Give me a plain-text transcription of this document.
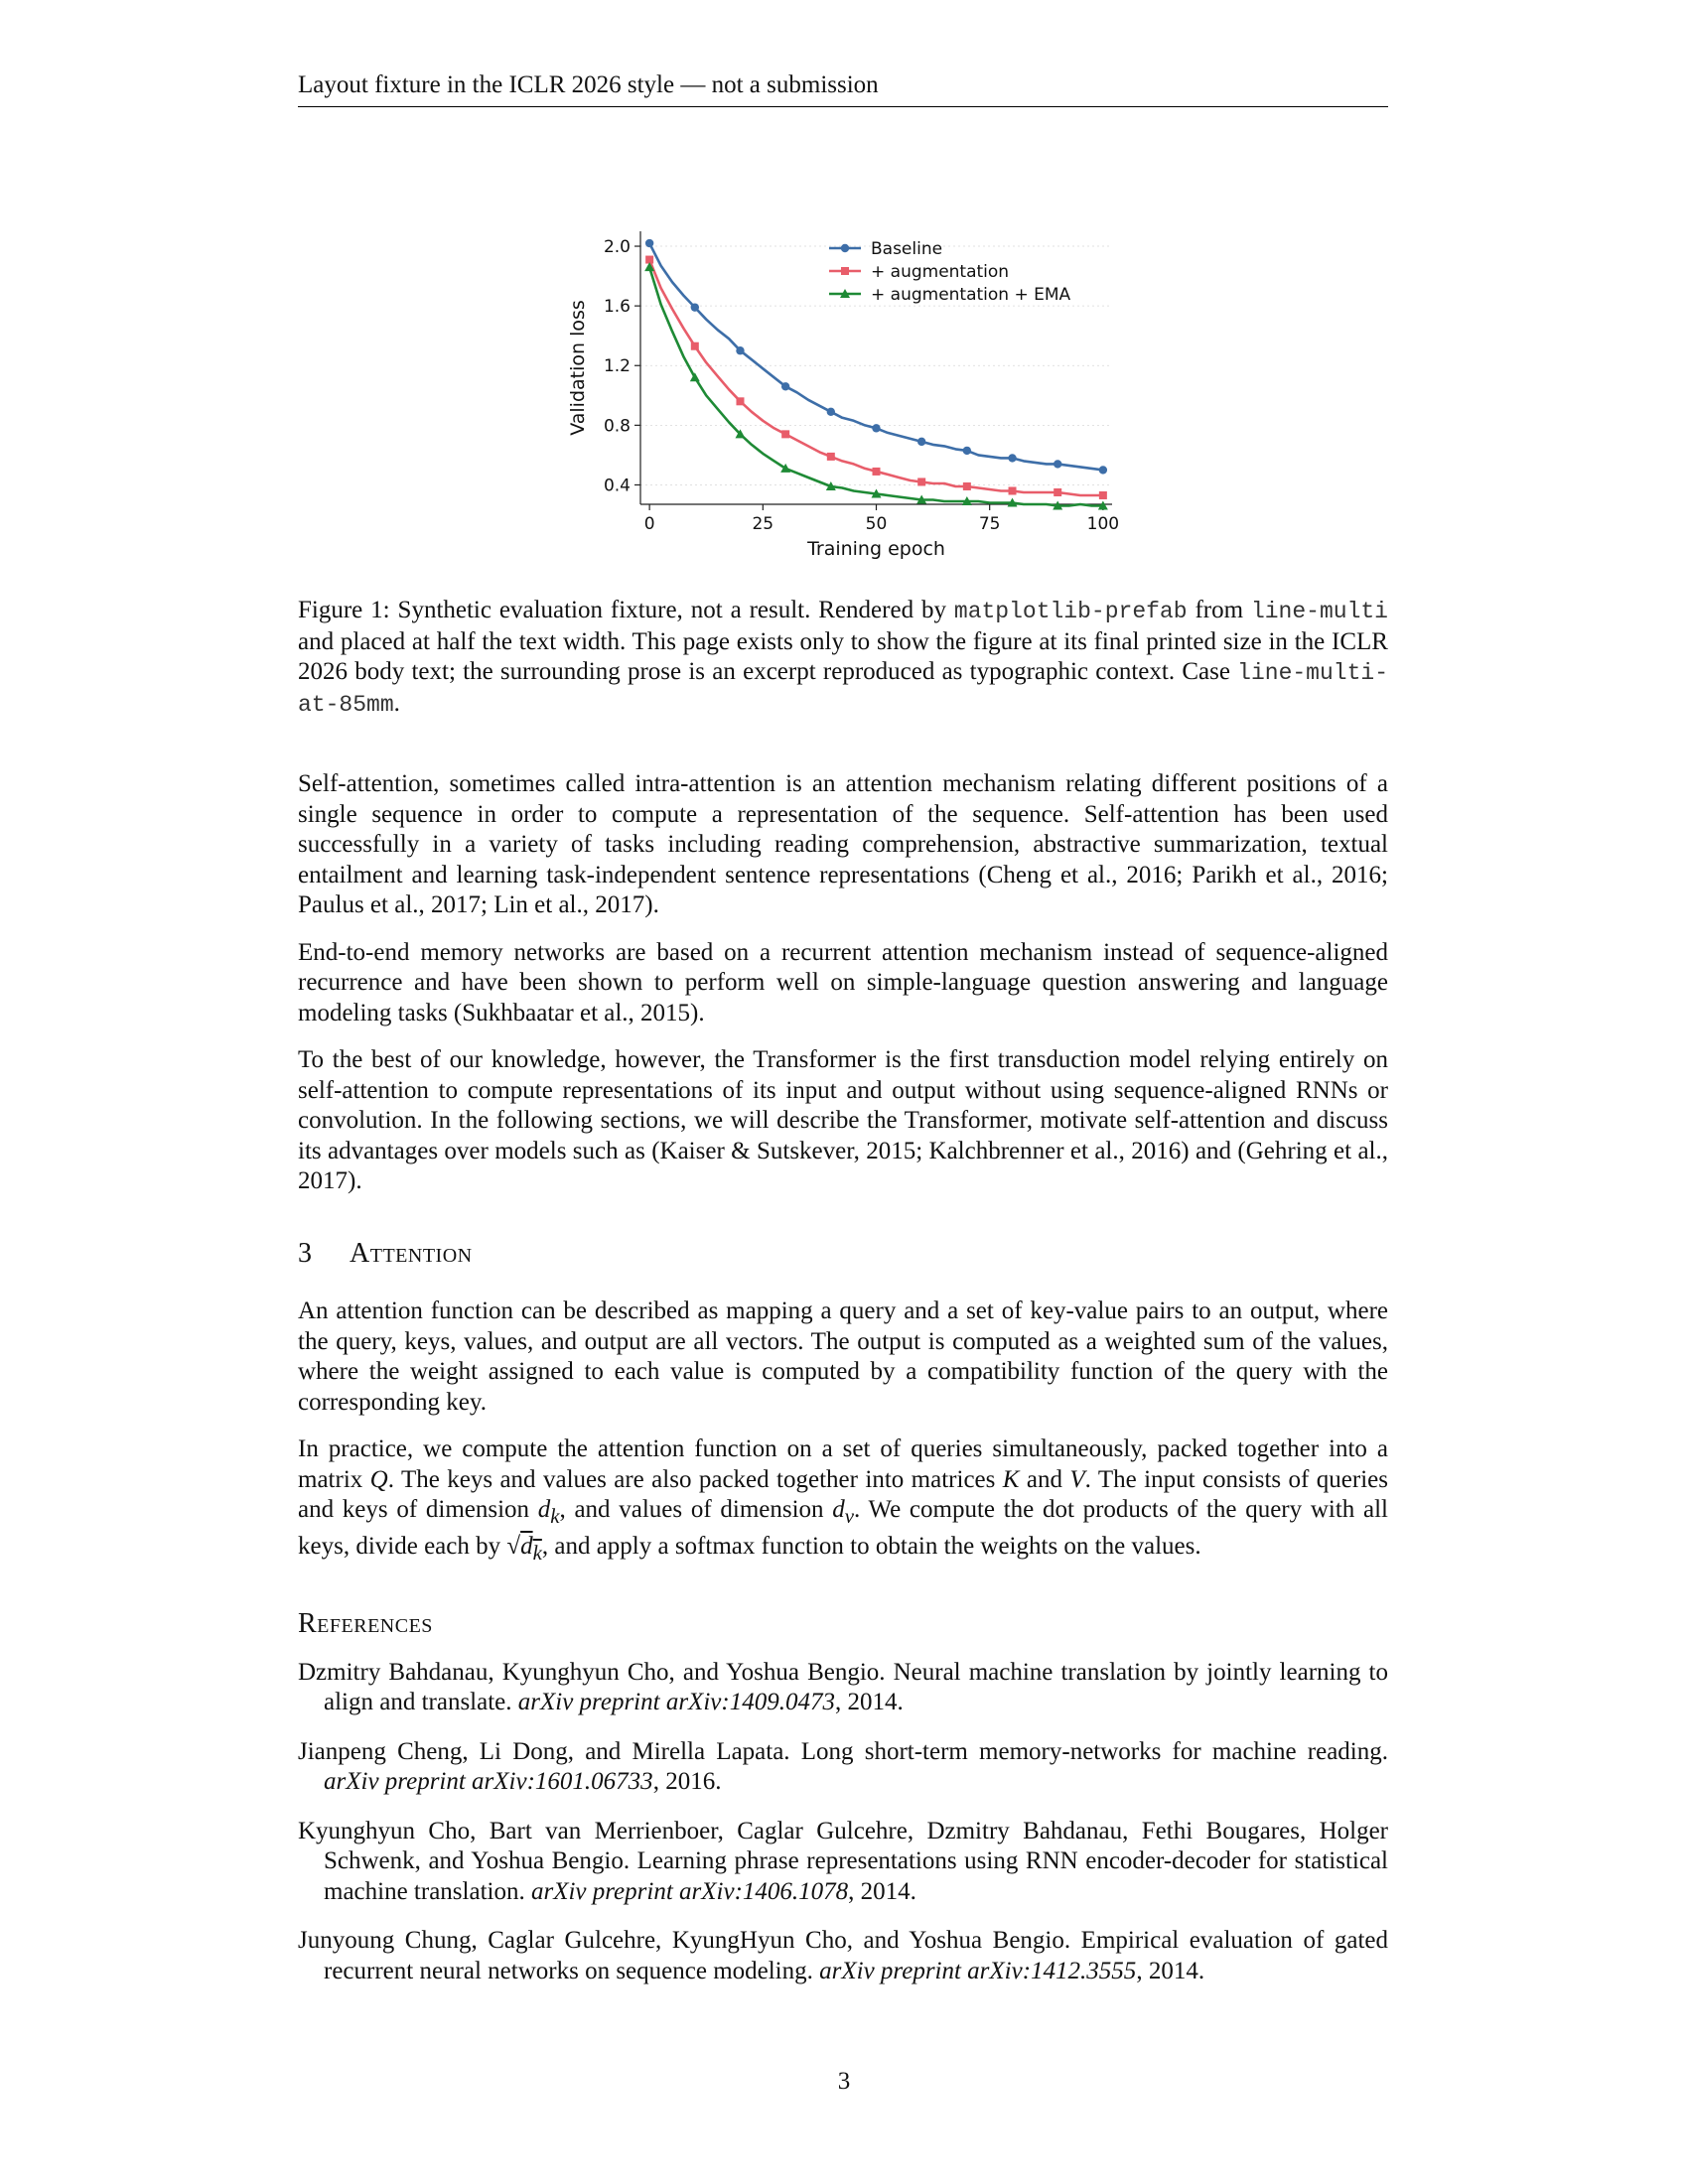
Layout fixture in the ICLR 2026 style — not a submission
0.4
0.8
1.2
1.6
2.0
0	25	50	75	100
Training epoch
Validation loss
Baseline
+ augmentation
+ augmentation + EMA
Figure 1: Synthetic evaluation fixture, not a result. Rendered by matplotlib-prefab from line-multi and placed at half the text width. This page exists only to show the figure at its final printed size in the ICLR 2026 body text; the surrounding prose is an excerpt reproduced as typographic context. Case line-multi-at-85mm.

Self-attention, sometimes called intra-attention is an attention mechanism relating different positions of a single sequence in order to compute a representation of the sequence. Self-attention has been used successfully in a variety of tasks including reading comprehension, abstractive summarization, textual entailment and learning task-independent sentence representations (Cheng et al., 2016; Parikh et al., 2016; Paulus et al., 2017; Lin et al., 2017).

End-to-end memory networks are based on a recurrent attention mechanism instead of sequence-aligned recurrence and have been shown to perform well on simple-language question answering and language modeling tasks (Sukhbaatar et al., 2015).

To the best of our knowledge, however, the Transformer is the first transduction model relying entirely on self-attention to compute representations of its input and output without using sequence-aligned RNNs or convolution. In the following sections, we will describe the Transformer, motivate self-attention and discuss its advantages over models such as (Kaiser & Sutskever, 2015; Kalchbrenner et al., 2016) and (Gehring et al., 2017).

3 Attention

An attention function can be described as mapping a query and a set of key-value pairs to an output, where the query, keys, values, and output are all vectors. The output is computed as a weighted sum of the values, where the weight assigned to each value is computed by a compatibility function of the query with the corresponding key.

In practice, we compute the attention function on a set of queries simultaneously, packed together into a matrix Q. The keys and values are also packed together into matrices K and V. The input consists of queries and keys of dimension $d_k$, and values of dimension $d_v$. We compute the dot products of the query with all keys, divide each by $√d_k$, and apply a softmax function to obtain the weights on the values.

References
Dzmitry Bahdanau, Kyunghyun Cho, and Yoshua Bengio. Neural machine translation by jointly learning to align and translate. arXiv preprint arXiv:1409.0473, 2014.
Jianpeng Cheng, Li Dong, and Mirella Lapata. Long short-term memory-networks for machine reading. arXiv preprint arXiv:1601.06733, 2016.
Kyunghyun Cho, Bart van Merrienboer, Caglar Gulcehre, Dzmitry Bahdanau, Fethi Bougares, Holger Schwenk, and Yoshua Bengio. Learning phrase representations using RNN encoder-decoder for statistical machine translation. arXiv preprint arXiv:1406.1078, 2014.
Junyoung Chung, Caglar Gulcehre, KyungHyun Cho, and Yoshua Bengio. Empirical evaluation of gated recurrent neural networks on sequence modeling. arXiv preprint arXiv:1412.3555, 2014.
3
